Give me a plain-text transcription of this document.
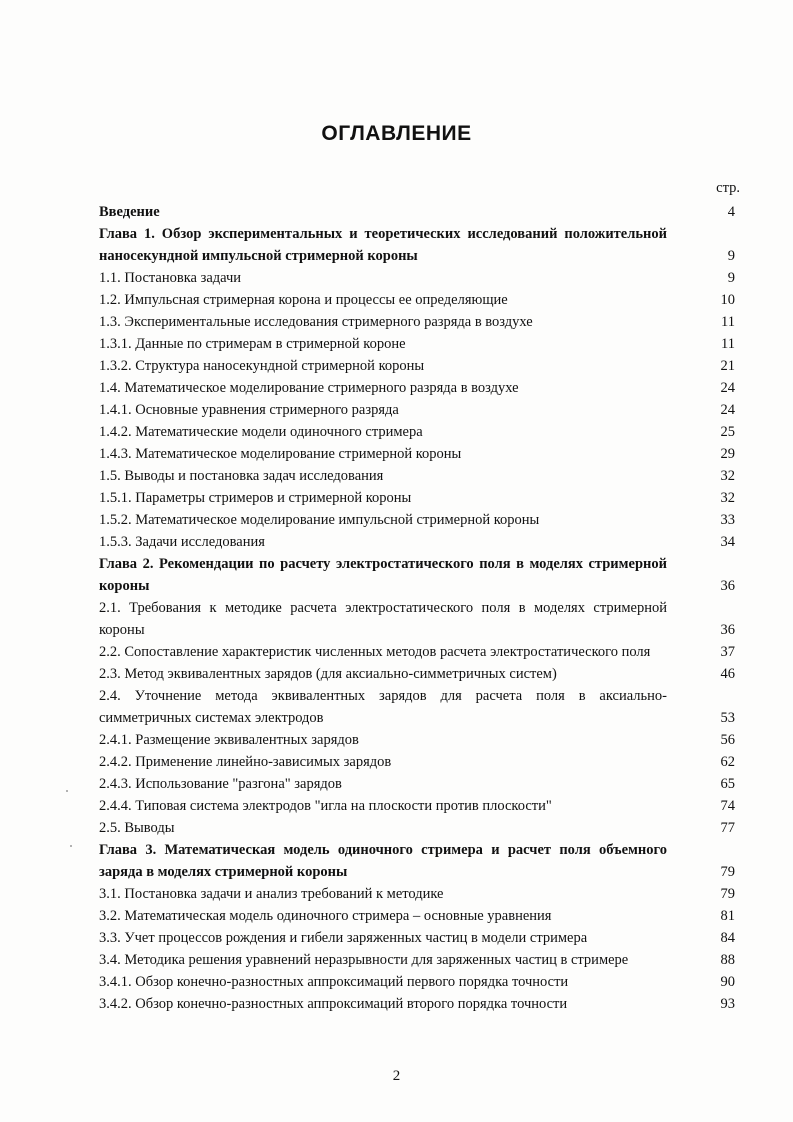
ОГЛАВЛЕНИЕ
стр.
Введение	4
Глава 1. Обзор экспериментальных и теоретических исследований положительной наносекундной импульсной стримерной короны	9
1.1. Постановка задачи	9
1.2. Импульсная стримерная корона и процессы ее определяющие	10
1.3. Экспериментальные исследования стримерного разряда в воздухе	11
1.3.1. Данные по стримерам в стримерной короне	11
1.3.2. Структура наносекундной стримерной короны	21
1.4. Математическое моделирование стримерного разряда в воздухе	24
1.4.1. Основные уравнения стримерного разряда	24
1.4.2. Математические модели одиночного стримера	25
1.4.3. Математическое моделирование стримерной короны	29
1.5. Выводы и постановка задач исследования	32
1.5.1. Параметры стримеров и стримерной короны	32
1.5.2. Математическое моделирование импульсной стримерной короны	33
1.5.3. Задачи исследования	34
Глава 2. Рекомендации по расчету электростатического поля в моделях стримерной короны	36
2.1. Требования к методике расчета электростатического поля в моделях стримерной короны	36
2.2. Сопоставление характеристик численных методов расчета электростатического поля	37
2.3. Метод эквивалентных зарядов (для аксиально-симметричных систем)	46
2.4. Уточнение метода эквивалентных зарядов для расчета поля в аксиально-симметричных системах электродов	53
2.4.1. Размещение эквивалентных зарядов	56
2.4.2. Применение линейно-зависимых зарядов	62
2.4.3. Использование "разгона" зарядов	65
2.4.4. Типовая система электродов "игла на плоскости против плоскости"	74
2.5. Выводы	77
Глава 3. Математическая модель одиночного стримера и расчет поля объемного заряда в моделях стримерной короны	79
3.1. Постановка задачи и анализ требований к методике	79
3.2. Математическая модель одиночного стримера – основные уравнения	81
3.3. Учет процессов рождения и гибели заряженных частиц в модели стримера	84
3.4. Методика решения уравнений неразрывности для заряженных частиц в стримере	88
3.4.1. Обзор конечно-разностных аппроксимаций первого порядка точности	90
3.4.2. Обзор конечно-разностных аппроксимаций второго порядка точности	93
2
